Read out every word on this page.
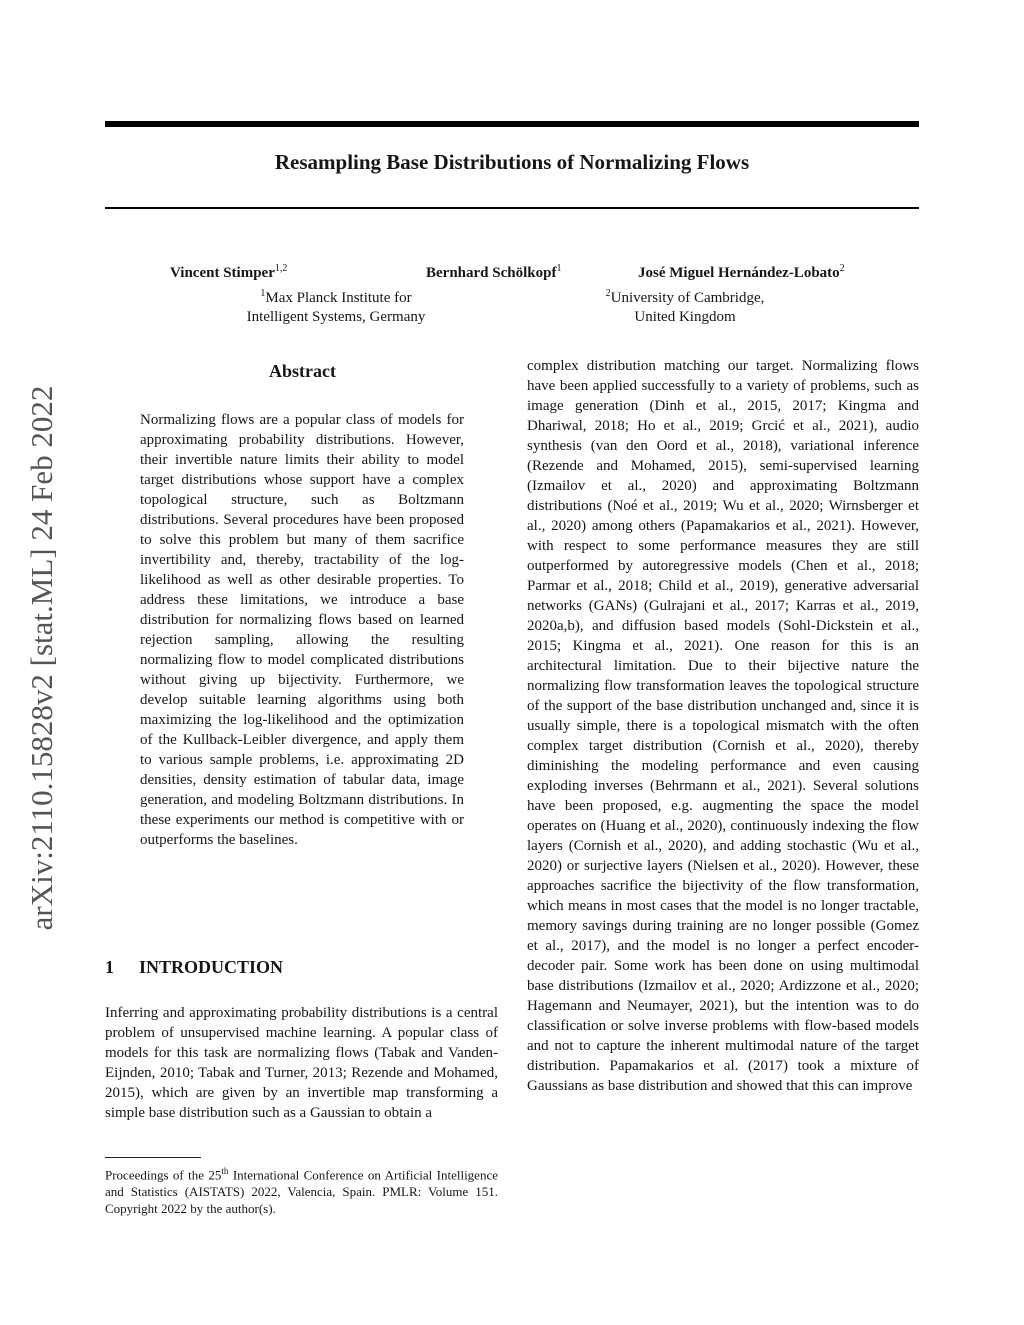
Resampling Base Distributions of Normalizing Flows
arXiv:2110.15828v2 [stat.ML] 24 Feb 2022
Vincent Stimper$^{1,2}$	Bernhard Schölkopf$^1$	José Miguel Hernández-Lobato$^2$
$^1$Max Planck Institute for
Intelligent Systems, Germany
$^2$University of Cambridge,
United Kingdom
Abstract
Normalizing flows are a popular class of models for approximating probability distributions. However, their invertible nature limits their ability to model target distributions whose support have a complex topological structure, such as Boltzmann distributions. Several procedures have been proposed to solve this problem but many of them sacrifice invertibility and, thereby, tractability of the log-likelihood as well as other desirable properties. To address these limitations, we introduce a base distribution for normalizing flows based on learned rejection sampling, allowing the resulting normalizing flow to model complicated distributions without giving up bijectivity. Furthermore, we develop suitable learning algorithms using both maximizing the log-likelihood and the optimization of the Kullback-Leibler divergence, and apply them to various sample problems, i.e. approximating 2D densities, density estimation of tabular data, image generation, and modeling Boltzmann distributions. In these experiments our method is competitive with or outperforms the baselines.
1 INTRODUCTION
Inferring and approximating probability distributions is a central problem of unsupervised machine learning. A popular class of models for this task are normalizing flows (Tabak and Vanden-Eijnden, 2010; Tabak and Turner, 2013; Rezende and Mohamed, 2015), which are given by an invertible map transforming a simple base distribution such as a Gaussian to obtain a
Proceedings of the 25th International Conference on Artificial Intelligence and Statistics (AISTATS) 2022, Valencia, Spain. PMLR: Volume 151. Copyright 2022 by the author(s).
complex distribution matching our target. Normalizing flows have been applied successfully to a variety of problems, such as image generation (Dinh et al., 2015, 2017; Kingma and Dhariwal, 2018; Ho et al., 2019; Grcić et al., 2021), audio synthesis (van den Oord et al., 2018), variational inference (Rezende and Mohamed, 2015), semi-supervised learning (Izmailov et al., 2020) and approximating Boltzmann distributions (Noé et al., 2019; Wu et al., 2020; Wirnsberger et al., 2020) among others (Papamakarios et al., 2021). However, with respect to some performance measures they are still outperformed by autoregressive models (Chen et al., 2018; Parmar et al., 2018; Child et al., 2019), generative adversarial networks (GANs) (Gulrajani et al., 2017; Karras et al., 2019, 2020a,b), and diffusion based models (Sohl-Dickstein et al., 2015; Kingma et al., 2021). One reason for this is an architectural limitation. Due to their bijective nature the normalizing flow transformation leaves the topological structure of the support of the base distribution unchanged and, since it is usually simple, there is a topological mismatch with the often complex target distribution (Cornish et al., 2020), thereby diminishing the modeling performance and even causing exploding inverses (Behrmann et al., 2021). Several solutions have been proposed, e.g. augmenting the space the model operates on (Huang et al., 2020), continuously indexing the flow layers (Cornish et al., 2020), and adding stochastic (Wu et al., 2020) or surjective layers (Nielsen et al., 2020). However, these approaches sacrifice the bijectivity of the flow transformation, which means in most cases that the model is no longer tractable, memory savings during training are no longer possible (Gomez et al., 2017), and the model is no longer a perfect encoder-decoder pair. Some work has been done on using multimodal base distributions (Izmailov et al., 2020; Ardizzone et al., 2020; Hagemann and Neumayer, 2021), but the intention was to do classification or solve inverse problems with flow-based models and not to capture the inherent multimodal nature of the target distribution. Papamakarios et al. (2017) took a mixture of Gaussians as base distribution and showed that this can improve
